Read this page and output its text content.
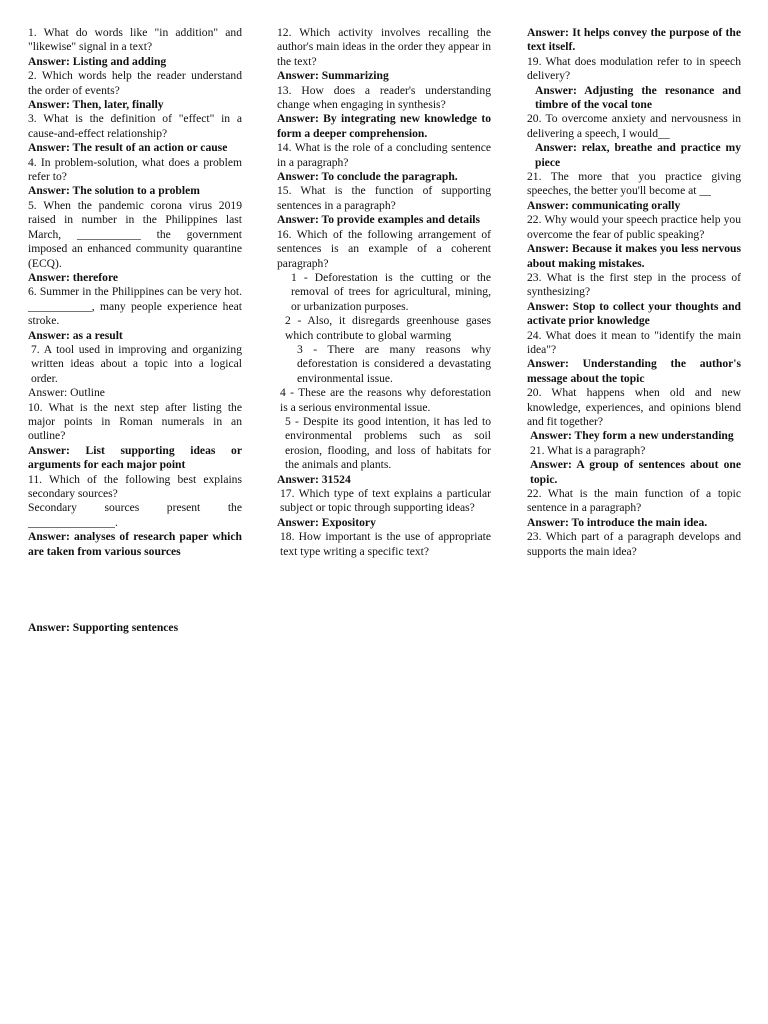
1. What do words like "in addition" and "likewise" signal in a text?

Answer: Listing and adding

2. Which words help the reader understand the order of events?

Answer: Then, later, finally

3. What is the definition of "effect" in a cause-and-effect relationship?

Answer: The result of an action or cause

4. In problem-solution, what does a problem refer to?

Answer: The solution to a problem

5. When the pandemic corona virus 2019 raised in number in the Philippines last March, ___________ the government imposed an enhanced community quarantine (ECQ).

Answer: therefore

6. Summer in the Philippines can be very hot. ___________, many people experience heat stroke.

Answer: as a result

7. A tool used in improving and organizing written ideas about a topic into a logical order.

Answer: Outline

10. What is the next step after listing the major points in Roman numerals in an outline?

Answer: List supporting ideas or arguments for each major point

11. Which of the following best explains secondary sources?

Secondary sources present the _______________.

Answer: analyses of research paper which are taken from various sources

12. Which activity involves recalling the author's main ideas in the order they appear in the text?

Answer: Summarizing

13. How does a reader's understanding change when engaging in synthesis?

Answer: By integrating new knowledge to form a deeper comprehension.

14. What is the role of a concluding sentence in a paragraph?

Answer: To conclude the paragraph.

15. What is the function of supporting sentences in a paragraph?

Answer: To provide examples and details

16. Which of the following arrangement of sentences is an example of a coherent paragraph?

1 - Deforestation is the cutting or the removal of trees for agricultural, mining, or urbanization purposes.

2 - Also, it disregards greenhouse gases which contribute to global warming

3 - There are many reasons why deforestation is considered a devastating environmental issue.

4 - These are the reasons why deforestation is a serious environmental issue.

5 - Despite its good intention, it has led to environmental problems such as soil erosion, flooding, and loss of habitats for the animals and plants.

Answer: 31524

17. Which type of text explains a particular subject or topic through supporting ideas?

Answer: Expository

18. How important is the use of appropriate text type writing a specific text?

Answer: It helps convey the purpose of the text itself.

19. What does modulation refer to in speech delivery?

Answer: Adjusting the resonance and timbre of the vocal tone

20. To overcome anxiety and nervousness in delivering a speech, I would__

Answer: relax, breathe and practice my piece

21. The more that you practice giving speeches, the better you'll become at __

Answer: communicating orally

22. Why would your speech practice help you overcome the fear of public speaking?

Answer: Because it makes you less nervous about making mistakes.

23. What is the first step in the process of synthesizing?

Answer: Stop to collect your thoughts and activate prior knowledge

24. What does it mean to "identify the main idea"?

Answer: Understanding the author's message about the topic

20. What happens when old and new knowledge, experiences, and opinions blend and fit together?

Answer: They form a new understanding

21. What is a paragraph?

Answer: A group of sentences about one topic.

22. What is the main function of a topic sentence in a paragraph?

Answer: To introduce the main idea.

23. Which part of a paragraph develops and supports the main idea?

Answer: Supporting sentences
